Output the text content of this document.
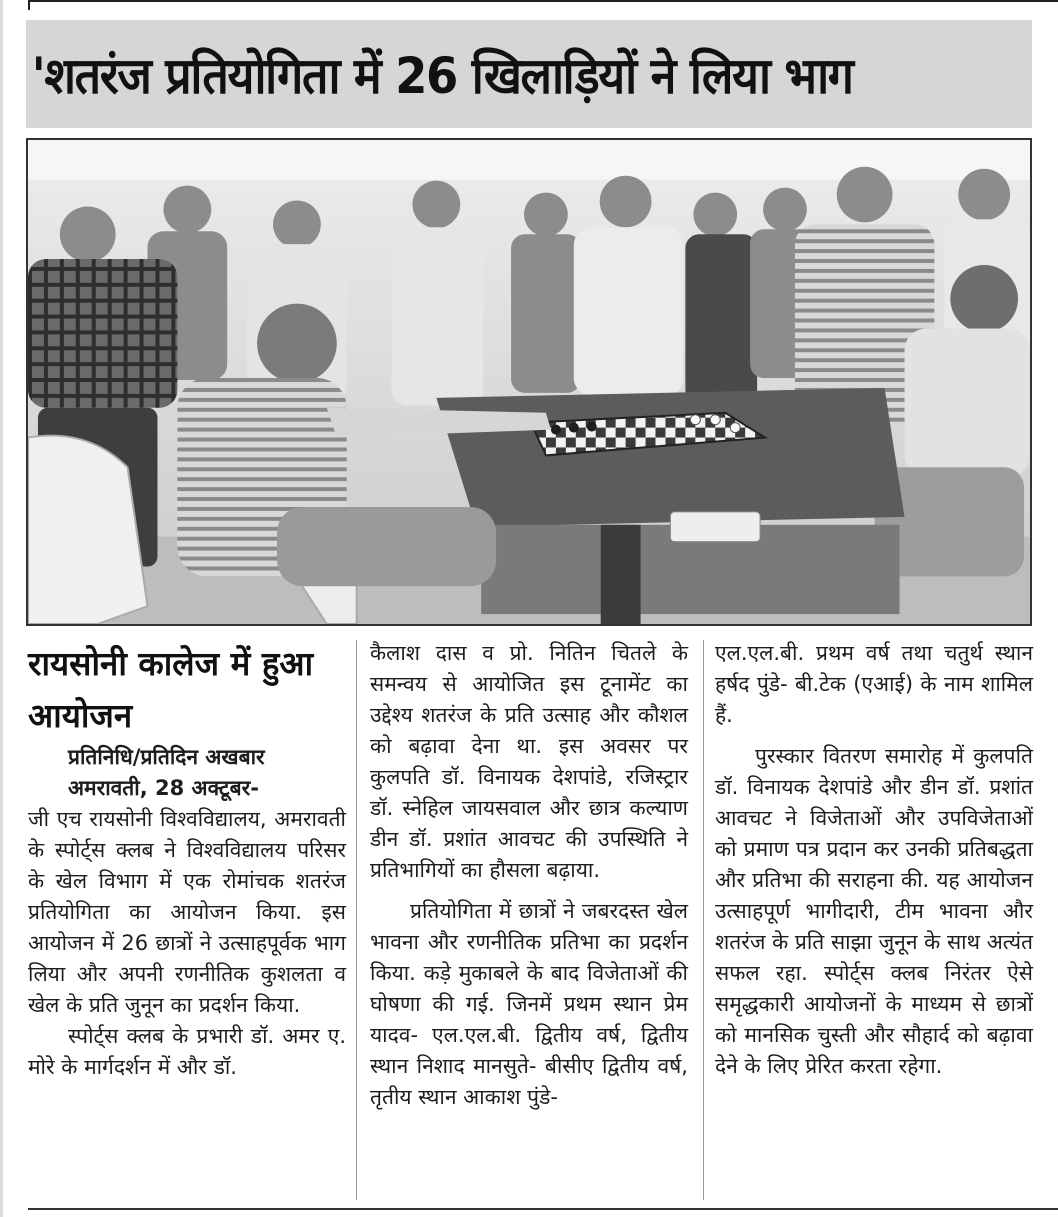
'शतरंज प्रतियोगिता में 26 खिलाड़ियों ने लिया भाग

रायसोनी कालेज में हुआ आयोजन

प्रतिनिधि/प्रतिदिन अखबार

अमरावती, 28 अक्टूबर-

जी एच रायसोनी विश्वविद्यालय, अमरावती के स्पोर्ट्स क्लब ने विश्वविद्यालय परिसर के खेल विभाग में एक रोमांचक शतरंज प्रतियोगिता का आयोजन किया. इस आयोजन में 26 छात्रों ने उत्साहपूर्वक भाग लिया और अपनी रणनीतिक कुशलता व खेल के प्रति जुनून का प्रदर्शन किया.

स्पोर्ट्स क्लब के प्रभारी डॉ. अमर ए. मोरे के मार्गदर्शन में और डॉ.

कैलाश दास व प्रो. नितिन चितले के समन्वय से आयोजित इस टूनामेंट का उद्देश्य शतरंज के प्रति उत्साह और कौशल को बढ़ावा देना था. इस अवसर पर कुलपति डॉ. विनायक देशपांडे, रजिस्ट्रार डॉ. स्नेहिल जायसवाल और छात्र कल्याण डीन डॉ. प्रशांत आवचट की उपस्थिति ने प्रतिभागियों का हौसला बढ़ाया.

प्रतियोगिता में छात्रों ने जबरदस्त खेल भावना और रणनीतिक प्रतिभा का प्रदर्शन किया. कड़े मुकाबले के बाद विजेताओं की घोषणा की गई. जिनमें प्रथम स्थान प्रेम यादव- एल.एल.बी. द्वितीय वर्ष, द्वितीय स्थान निशाद मानसुते- बीसीए द्वितीय वर्ष, तृतीय स्थान आकाश पुंडे-

एल.एल.बी. प्रथम वर्ष तथा चतुर्थ स्थान हर्षद पुंडे- बी.टेक (एआई) के नाम शामिल हैं.

पुरस्कार वितरण समारोह में कुलपति डॉ. विनायक देशपांडे और डीन डॉ. प्रशांत आवचट ने विजेताओं और उपविजेताओं को प्रमाण पत्र प्रदान कर उनकी प्रतिबद्धता और प्रतिभा की सराहना की. यह आयोजन उत्साहपूर्ण भागीदारी, टीम भावना और शतरंज के प्रति साझा जुनून के साथ अत्यंत सफल रहा. स्पोर्ट्स क्लब निरंतर ऐसे समृद्धकारी आयोजनों के माध्यम से छात्रों को मानसिक चुस्ती और सौहार्द को बढ़ावा देने के लिए प्रेरित करता रहेगा.
